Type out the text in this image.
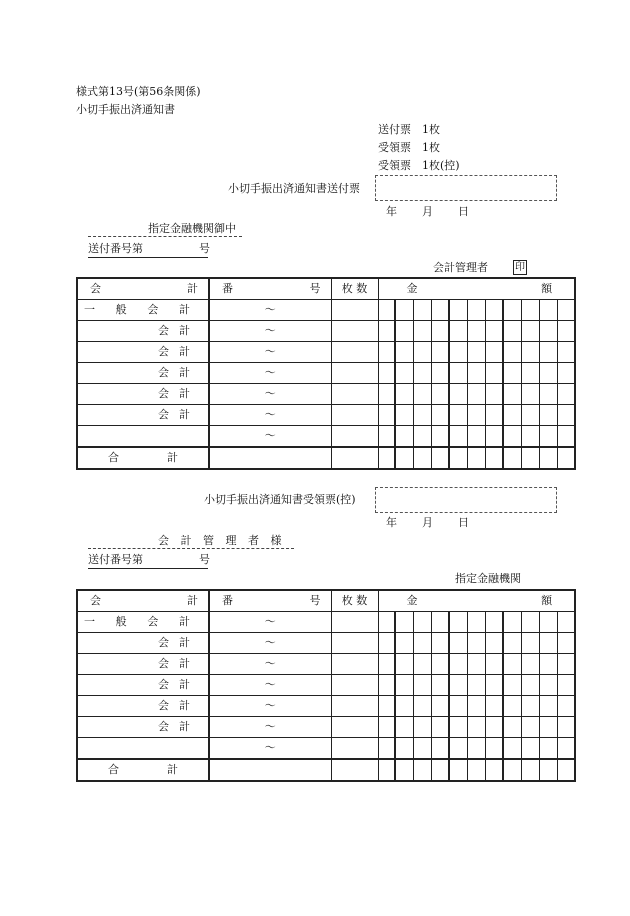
様式第13号(第56条関係)
小切手振出済通知書
送付票　 1枚
受領票　 1枚
受領票　 1枚(控)
小切手振出済通知書送付票
年 月 日
指定金融機関御中
送付番号第	号
会計管理者	印
会 計	番 号	枚 数	金 額										

一 般 会 計	～												

会 計	～												

会 計	～												

会 計	～												

会 計	～												

会 計	～												
	～												

合 計													

小切手振出済通知書受領票(控)
年 月 日
会 計 管 理 者 様
送付番号第	号
指定金融機関
会 計	番 号	枚 数	金 額										

一 般 会 計	～												

会 計	～												

会 計	～												

会 計	～												

会 計	～												

会 計	～												
	～												

合 計													
